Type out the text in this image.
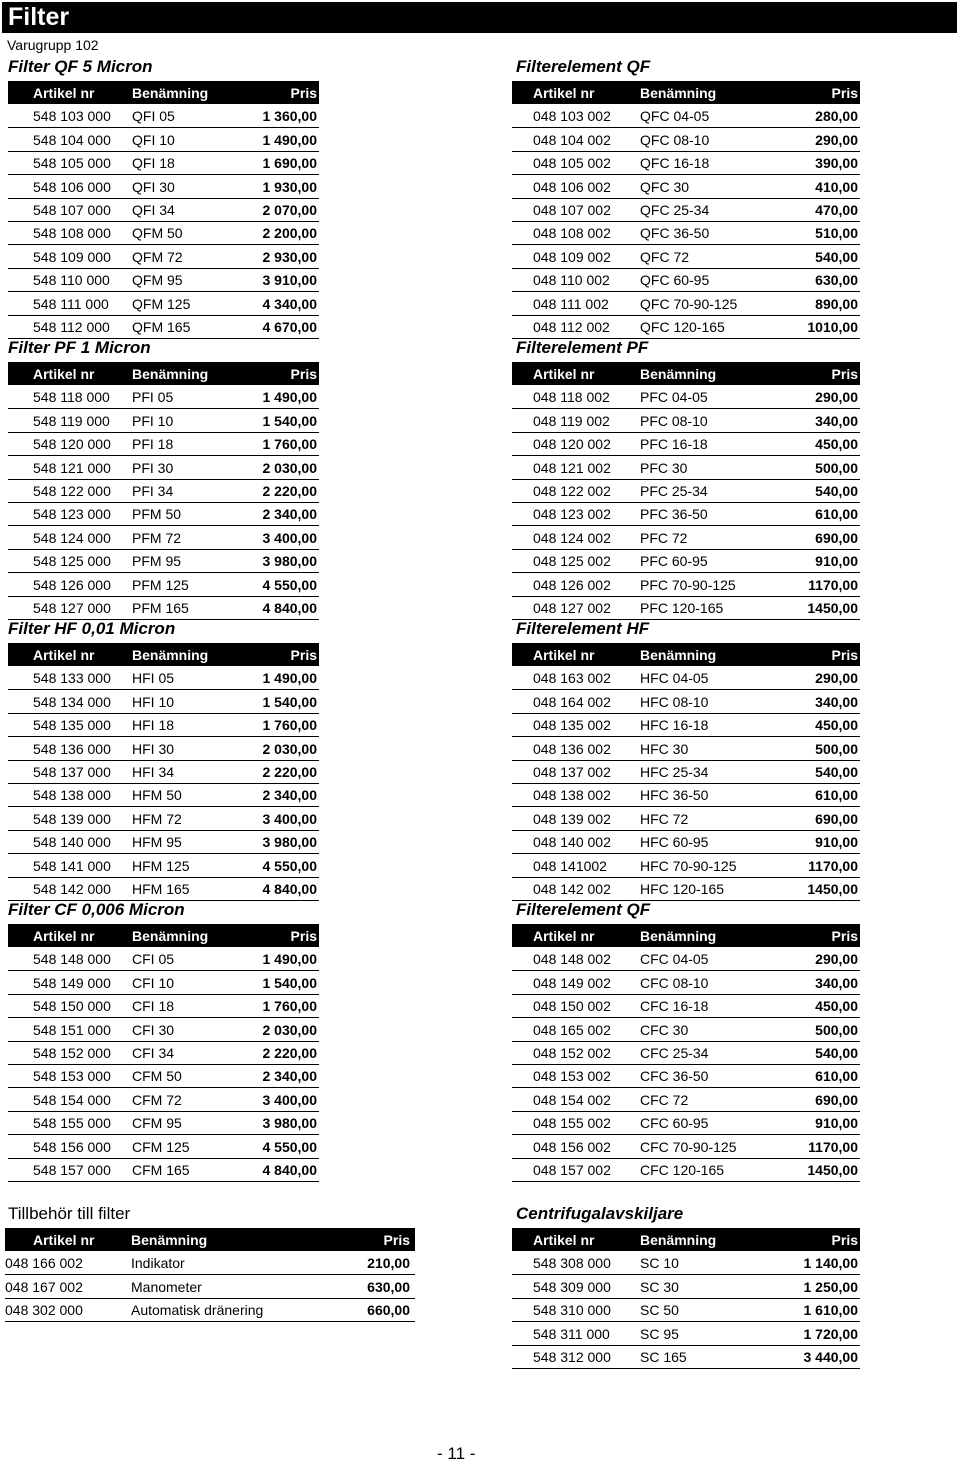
Filter
Varugrupp 102
Filter QF 5 Micron
Artikel nr	Benämning	Pris
548 103 000 QFI 05	1 360,00
548 104 000 QFI 10	1 490,00
548 105 000 QFI 18	1 690,00
548 106 000 QFI 30	1 930,00
548 107 000 QFI 34	2 070,00
548 108 000 QFM 50	2 200,00
548 109 000 QFM 72	2 930,00
548 110 000 QFM 95	3 910,00
548 111 000 QFM 125	4 340,00
548 112 000 QFM 165	4 670,00
Filterelement QF
Artikel nr	Benämning	Pris
048 103 002 QFC 04-05	280,00
048 104 002 QFC 08-10	290,00
048 105 002 QFC 16-18	390,00
048 106 002 QFC 30	410,00
048 107 002 QFC 25-34	470,00
048 108 002 QFC 36-50	510,00
048 109 002 QFC 72	540,00
048 110 002 QFC 60-95	630,00
048 111 002 QFC 70-90-125	890,00
048 112 002 QFC 120-165	1010,00
Filter PF 1 Micron
Artikel nr	Benämning	Pris
548 118 000 PFI 05	1 490,00
548 119 000 PFI 10	1 540,00
548 120 000 PFI 18	1 760,00
548 121 000 PFI 30	2 030,00
548 122 000 PFI 34	2 220,00
548 123 000 PFM 50	2 340,00
548 124 000 PFM 72	3 400,00
548 125 000 PFM 95	3 980,00
548 126 000 PFM 125	4 550,00
548 127 000 PFM 165	4 840,00
Filterelement PF
Artikel nr	Benämning	Pris
048 118 002 PFC 04-05	290,00
048 119 002 PFC 08-10	340,00
048 120 002 PFC 16-18	450,00
048 121 002 PFC 30	500,00
048 122 002 PFC 25-34	540,00
048 123 002 PFC 36-50	610,00
048 124 002 PFC 72	690,00
048 125 002 PFC 60-95	910,00
048 126 002 PFC 70-90-125	1170,00
048 127 002 PFC 120-165	1450,00
Filter HF 0,01 Micron
Artikel nr	Benämning	Pris
548 133 000 HFI 05	1 490,00
548 134 000 HFI 10	1 540,00
548 135 000 HFI 18	1 760,00
548 136 000 HFI 30	2 030,00
548 137 000 HFI 34	2 220,00
548 138 000 HFM 50	2 340,00
548 139 000 HFM 72	3 400,00
548 140 000 HFM 95	3 980,00
548 141 000 HFM 125	4 550,00
548 142 000 HFM 165	4 840,00
Filterelement HF
Artikel nr	Benämning	Pris
048 163 002 HFC 04-05	290,00
048 164 002 HFC 08-10	340,00
048 135 002 HFC 16-18	450,00
048 136 002 HFC 30	500,00
048 137 002 HFC 25-34	540,00
048 138 002 HFC 36-50	610,00
048 139 002 HFC 72	690,00
048 140 002 HFC 60-95	910,00
048 141002 HFC 70-90-125	1170,00
048 142 002 HFC 120-165	1450,00
Filter CF 0,006 Micron
Artikel nr	Benämning	Pris
548 148 000 CFI 05	1 490,00
548 149 000 CFI 10	1 540,00
548 150 000 CFI 18	1 760,00
548 151 000 CFI 30	2 030,00
548 152 000 CFI 34	2 220,00
548 153 000 CFM 50	2 340,00
548 154 000 CFM 72	3 400,00
548 155 000 CFM 95	3 980,00
548 156 000 CFM 125	4 550,00
548 157 000 CFM 165	4 840,00
Filterelement QF
Artikel nr	Benämning	Pris
048 148 002 CFC 04-05	290,00
048 149 002 CFC 08-10	340,00
048 150 002 CFC 16-18	450,00
048 165 002 CFC 30	500,00
048 152 002 CFC 25-34	540,00
048 153 002 CFC 36-50	610,00
048 154 002 CFC 72	690,00
048 155 002 CFC 60-95	910,00
048 156 002 CFC 70-90-125	1170,00
048 157 002 CFC 120-165	1450,00
Tillbehör till filter
Artikel nr	Benämning	Pris
048 166 002	Indikator	210,00
048 167 002	Manometer	630,00
048 302 000	Automatisk dränering	660,00
Centrifugalavskiljare
Artikel nr	Benämning	Pris
548 308 000 SC 10	1 140,00
548 309 000 SC 30	1 250,00
548 310 000 SC 50	1 610,00
548 311 000 SC 95	1 720,00
548 312 000 SC 165	3 440,00
- 11 -
